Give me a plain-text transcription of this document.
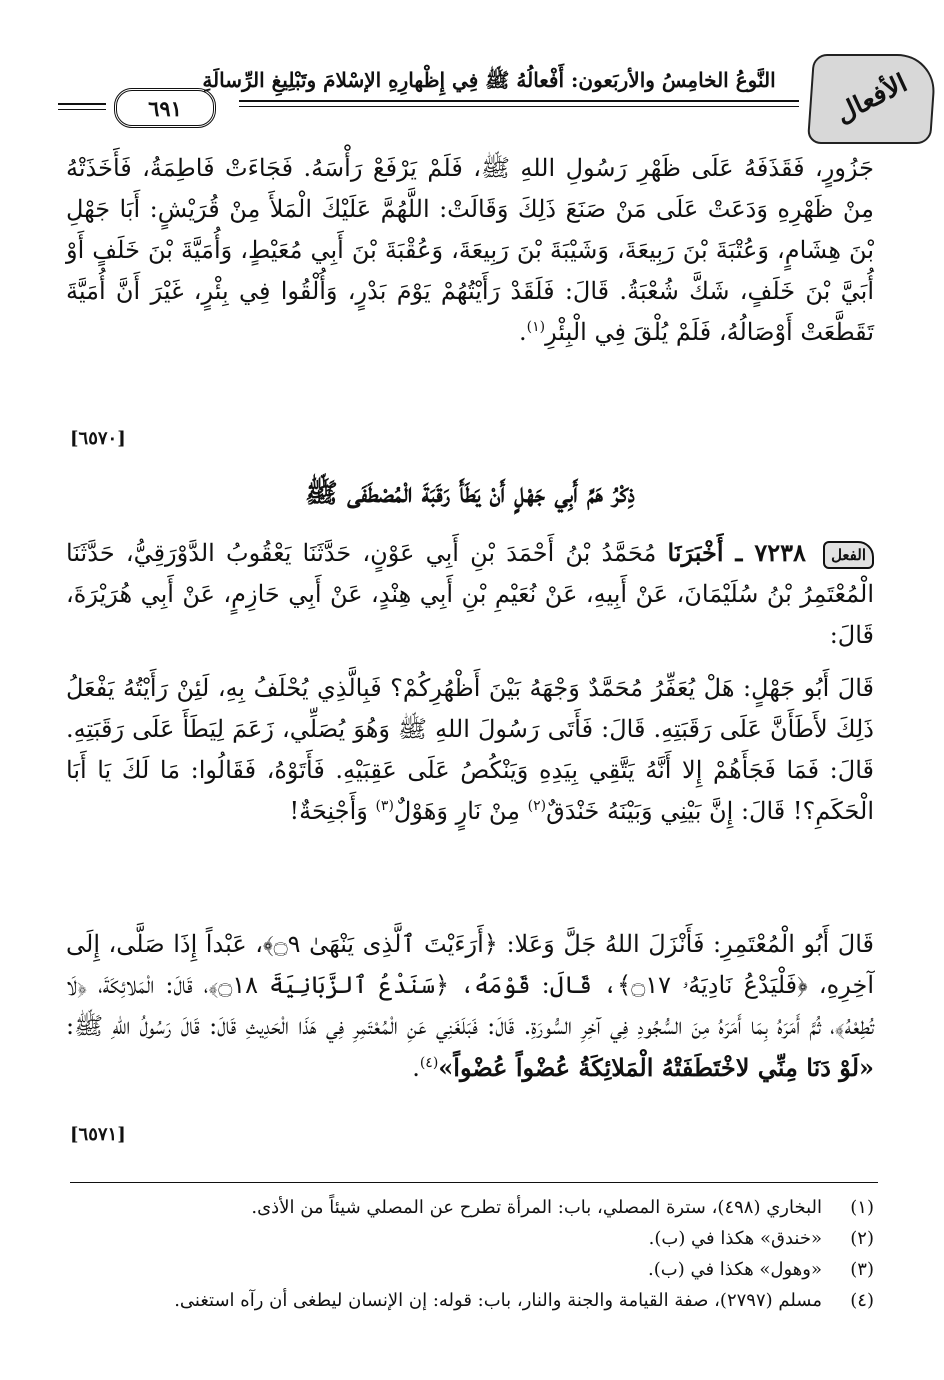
الأفعال
النَّوعُ الخامِسُ والأربَعون: أَفْعالُهُ ﷺ فِي إِظْهارِهِ الإسْلامَ وتَبْلِيغِ الرِّسالَةِ
٦٩١
جَزُورٍ، فَقَذَفَهُ عَلَى ظَهْرِ رَسُولِ اللهِ ﷺ، فَلَمْ يَرْفَعْ رَأْسَهُ. فَجَاءَتْ فَاطِمَةُ، فَأَخَذَتْهُ مِنْ ظَهْرِهِ وَدَعَتْ عَلَى مَنْ صَنَعَ ذَلِكَ وَقَالَتْ: اللَّهُمَّ عَلَيْكَ الْمَلأَ مِنْ قُرَيْشٍ: أَبَا جَهْلِ بْنَ هِشَامٍ، وَعُتْبَةَ بْنَ رَبِيعَةَ، وَشَيْبَةَ بْنَ رَبِيعَةَ، وَعُقْبَةَ بْنَ أَبِي مُعَيْطٍ، وَأُمَيَّةَ بْنَ خَلَفٍ أَوْ أُبَيَّ بْنَ خَلَفٍ، شَكَّ شُعْبَةُ. قَالَ: فَلَقَدْ رَأَيْتُهُمْ يَوْمَ بَدْرٍ، وَأُلْقُوا فِي بِئْرٍ، غَيْرَ أَنَّ أُمَيَّةَ تَقَطَّعَتْ أَوْصَالُهُ، فَلَمْ يُلْقَ فِي الْبِئْرِ$^{(١)}$.
[٦٥٧٠]
ذِكْرُ هَمِّ أَبِي جَهْلٍ أَنْ يَطَأَ رَقَبَةَ الْمُصْطَفَى ﷺ
الفعل ٧٢٣٨ ـ أَخْبَرَنَا مُحَمَّدُ بْنُ أَحْمَدَ بْنِ أَبِي عَوْنٍ، حَدَّثَنَا يَعْقُوبُ الدَّوْرَقِيُّ، حَدَّثَنَا الْمُعْتَمِرُ بْنُ سُلَيْمَانَ، عَنْ أَبِيهِ، عَنْ نُعَيْمِ بْنِ أَبِي هِنْدٍ، عَنْ أَبِي حَازِمٍ، عَنْ أَبِي هُرَيْرَةَ، قَالَ:
قَالَ أَبُو جَهْلٍ: هَلْ يُعَفِّرُ مُحَمَّدٌ وَجْهَهُ بَيْنَ أَظْهُرِكُمْ؟ فَبِالَّذِي يُحْلَفُ بِهِ، لَئِنْ رَأَيْتُهُ يَفْعَلُ ذَلِكَ لأَطَأَنَّ عَلَى رَقَبَتِهِ. قَالَ: فَأَتَى رَسُولَ اللهِ ﷺ وَهُوَ يُصَلِّي، زَعَمَ لِيَطَأَ عَلَى رَقَبَتِهِ. قَالَ: فَمَا فَجَأَهُمْ إِلا أَنَّهُ يَتَّقِي بِيَدِهِ وَيَنْكُصُ عَلَى عَقِبَيْهِ. فَأَتَوْهُ، فَقَالُوا: مَا لَكَ يَا أَبَا الْحَكَمِ؟! قَالَ: إِنَّ بَيْنِي وَبَيْنَهُ خَنْدَقٌ$^{(٢)}$ مِنْ نَارٍ وَهَوْلٌ$^{(٣)}$ وَأَجْنِحَةٌ!
قَالَ أَبُو الْمُعْتَمِرِ: فَأَنْزَلَ اللهُ جَلَّ وَعَلا: ﴿أَرَءَيْتَ ٱلَّذِى يَنْهَىٰ ۝٩﴾، عَبْداً إِذَا صَلَّى، إِلَى آخِرِهِ، ﴿فَلْيَدْعُ نَادِيَهُۥ ۝١٧﴾، قَالَ: قَوْمَهُ، ﴿سَنَدْعُ ٱلزَّبَانِيَةَ ۝١٨﴾، قَالَ: الْمَلائِكَةَ، ﴿لَا تُطِعْهُ﴾، ثُمَّ أَمَرَهُ بِمَا أَمَرَهُ مِنَ السُّجُودِ فِي آخِرِ السُّورَةِ. قَالَ: فَبَلَغَنِي عَنِ الْمُعْتَمِرِ فِي هَذَا الْحَدِيثِ قَالَ: قَالَ رَسُولُ اللهِ ﷺ: «لَوْ دَنَا مِنِّي لاخْتَطَفَتْهُ الْمَلائِكَةُ عُضْواً عُضْواً»$^{(٤)}$.
[٦٥٧١]
(١)
البخاري (٤٩٨)، سترة المصلي، باب: المرأة تطرح عن المصلي شيئاً من الأذى.
(٢)
«خندق» هكذا في (ب).
(٣)
«وهول» هكذا في (ب).
(٤)
مسلم (٢٧٩٧)، صفة القيامة والجنة والنار، باب: قوله: إن الإنسان ليطغى أن رآه استغنى.
